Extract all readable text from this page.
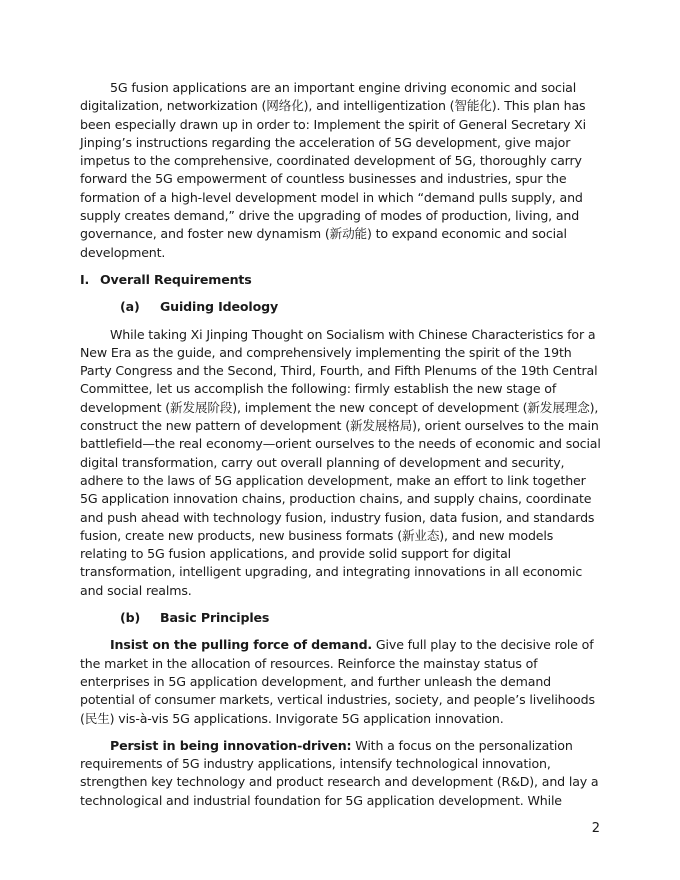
5G fusion applications are an important engine driving economic and social digitalization, networkization (网络化), and intelligentization (智能化). This plan has been especially drawn up in order to: Implement the spirit of General Secretary Xi Jinping’s instructions regarding the acceleration of 5G development, give major impetus to the comprehensive, coordinated development of 5G, thoroughly carry forward the 5G empowerment of countless businesses and industries, spur the formation of a high-level development model in which “demand pulls supply, and supply creates demand,” drive the upgrading of modes of production, living, and governance, and foster new dynamism (新动能) to expand economic and social development.

I. Overall Requirements
(a)	Guiding Ideology

While taking Xi Jinping Thought on Socialism with Chinese Characteristics for a New Era as the guide, and comprehensively implementing the spirit of the 19th Party Congress and the Second, Third, Fourth, and Fifth Plenums of the 19th Central Committee, let us accomplish the following: firmly establish the new stage of development (新发展阶段), implement the new concept of development (新发展理念), construct the new pattern of development (新发展格局), orient ourselves to the main battlefield—the real economy—orient ourselves to the needs of economic and social digital transformation, carry out overall planning of development and security, adhere to the laws of 5G application development, make an effort to link together 5G application innovation chains, production chains, and supply chains, coordinate and push ahead with technology fusion, industry fusion, data fusion, and standards fusion, create new products, new business formats (新业态), and new models relating to 5G fusion applications, and provide solid support for digital transformation, intelligent upgrading, and integrating innovations in all economic and social realms.

(b)	Basic Principles

Insist on the pulling force of demand. Give full play to the decisive role of the market in the allocation of resources. Reinforce the mainstay status of enterprises in 5G application development, and further unleash the demand potential of consumer markets, vertical industries, society, and people’s livelihoods (民生) vis-à-vis 5G applications. Invigorate 5G application innovation.

Persist in being innovation-driven: With a focus on the personalization requirements of 5G industry applications, intensify technological innovation, strengthen key technology and product research and development (R&D), and lay a technological and industrial foundation for 5G application development. While

2
